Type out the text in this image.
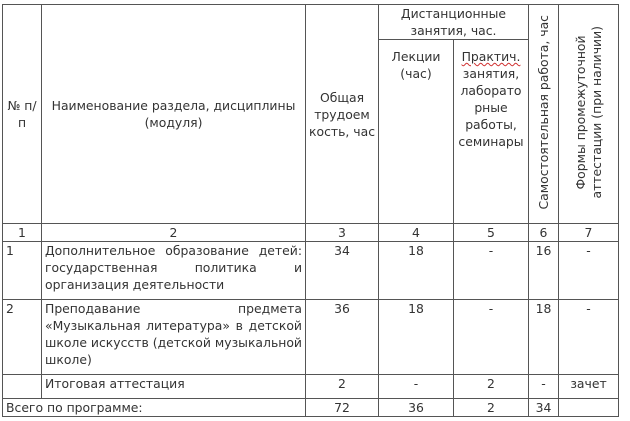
№ п/п	Наименование раздела, дисциплины (модуля)	Общая трудоем кость, час	Дистанционные занятия, час.		Самостоятельная работа, час	Формы промежуточной
аттестации (при наличии)

			Лекции (час)	Практич. занятия, лаборато рные работы, семинары		
1	2	3	4	5	6	7
1	Дополнительное образование детей: государственная политика и организация деятельности	34	18	-	16	-
2	Преподавание предмета «Музыкальная литература» в детской школе искусств (детской музыкальной школе)	36	18	-	18	-
	Итоговая аттестация	2	-	2	-	зачет
Всего по программе:		72	36	2	34	
